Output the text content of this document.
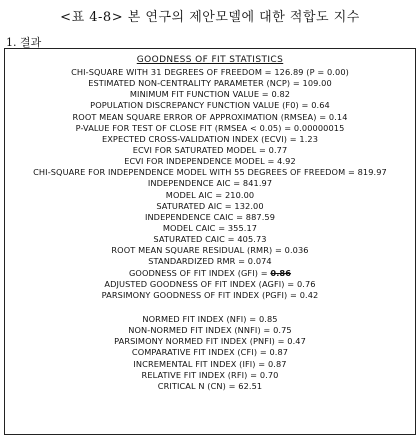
<표 4-8> 본 연구의 제안모델에 대한 적합도 지수
1. 결과
GOODNESS OF FIT STATISTICS
CHI-SQUARE WITH 31 DEGREES OF FREEDOM = 126.89 (P = 0.00)
ESTIMATED NON-CENTRALITY PARAMETER (NCP) = 109.00
MINIMUM FIT FUNCTION VALUE = 0.82
POPULATION DISCREPANCY FUNCTION VALUE (F0) = 0.64
ROOT MEAN SQUARE ERROR OF APPROXIMATION (RMSEA) = 0.14
P-VALUE FOR TEST OF CLOSE FIT (RMSEA < 0.05) = 0.00000015
EXPECTED CROSS-VALIDATION INDEX (ECVI) = 1.23
ECVI FOR SATURATED MODEL = 0.77
ECVI FOR INDEPENDENCE MODEL = 4.92
CHI-SQUARE FOR INDEPENDENCE MODEL WITH 55 DEGREES OF FREEDOM = 819.97
INDEPENDENCE AIC = 841.97
MODEL AIC = 210.00
SATURATED AIC = 132.00
INDEPENDENCE CAIC = 887.59
MODEL CAIC = 355.17
SATURATED CAIC = 405.73
ROOT MEAN SQUARE RESIDUAL (RMR) = 0.036
STANDARDIZED RMR = 0.074
GOODNESS OF FIT INDEX (GFI) = 0.86
ADJUSTED GOODNESS OF FIT INDEX (AGFI) = 0.76
PARSIMONY GOODNESS OF FIT INDEX (PGFI) = 0.42
NORMED FIT INDEX (NFI) = 0.85
NON-NORMED FIT INDEX (NNFI) = 0.75
PARSIMONY NORMED FIT INDEX (PNFI) = 0.47
COMPARATIVE FIT INDEX (CFI) = 0.87
INCREMENTAL FIT INDEX (IFI) = 0.87
RELATIVE FIT INDEX (RFI) = 0.70
CRITICAL N (CN) = 62.51
